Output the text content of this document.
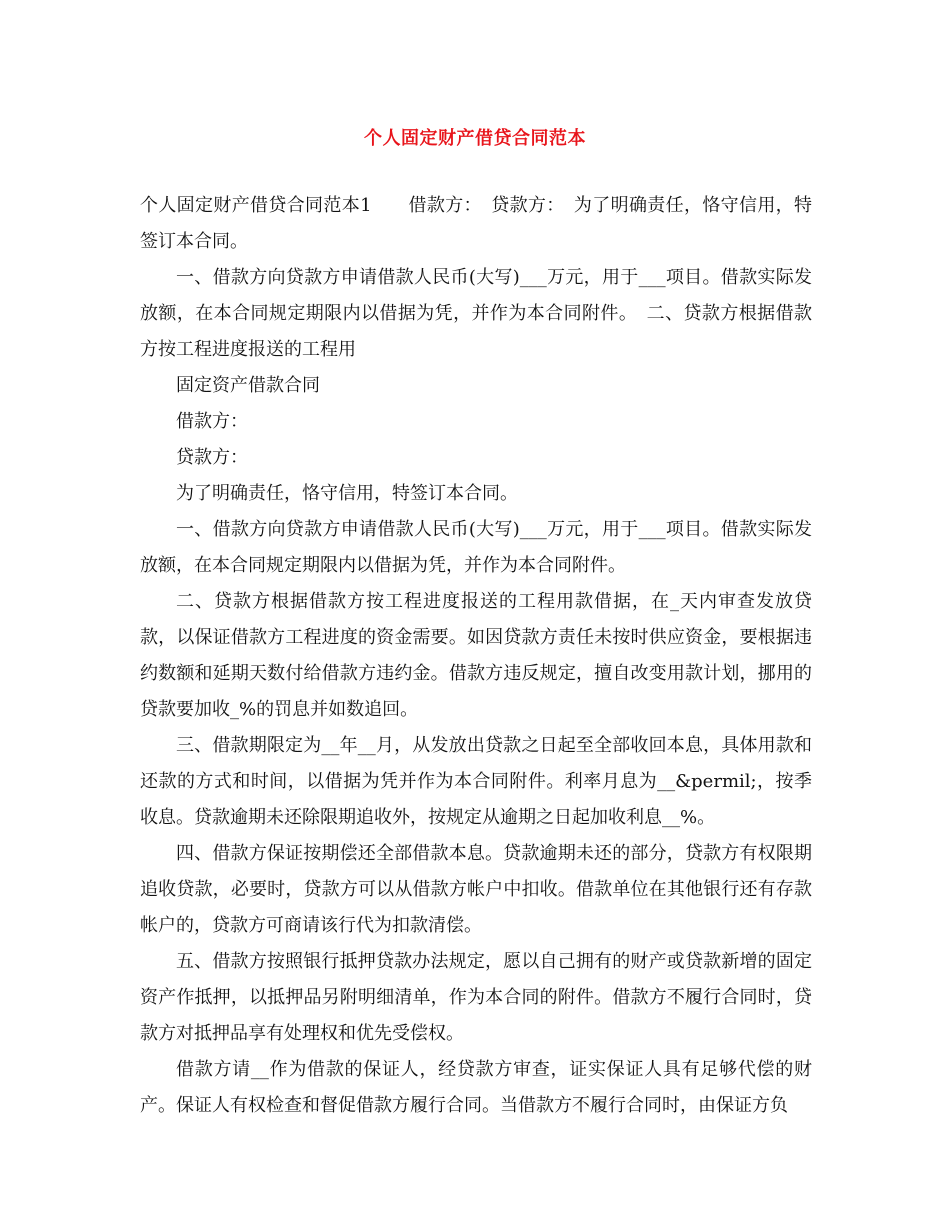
个人固定财产借贷合同范本

个人固定财产借贷合同范本1　　借款方：　贷款方：　为了明确责任，恪守信用，特签订本合同。

一、借款方向贷款方申请借款人民币(大写)___万元，用于___项目。借款实际发放额，在本合同规定期限内以借据为凭，并作为本合同附件。　二、贷款方根据借款方按工程进度报送的工程用

固定资产借款合同

借款方：

贷款方：

为了明确责任，恪守信用，特签订本合同。

一、借款方向贷款方申请借款人民币(大写)___万元，用于___项目。借款实际发放额，在本合同规定期限内以借据为凭，并作为本合同附件。

二、贷款方根据借款方按工程进度报送的工程用款借据，在_天内审查发放贷款，以保证借款方工程进度的资金需要。如因贷款方责任未按时供应资金，要根据违约数额和延期天数付给借款方违约金。借款方违反规定，擅自改变用款计划，挪用的贷款要加收_%的罚息并如数追回。

三、借款期限定为__年__月，从发放出贷款之日起至全部收回本息，具体用款和还款的方式和时间，以借据为凭并作为本合同附件。利率月息为__&permil;，按季收息。贷款逾期未还除限期追收外，按规定从逾期之日起加收利息__%。

四、借款方保证按期偿还全部借款本息。贷款逾期未还的部分，贷款方有权限期追收贷款，必要时，贷款方可以从借款方帐户中扣收。借款单位在其他银行还有存款帐户的，贷款方可商请该行代为扣款清偿。

五、借款方按照银行抵押贷款办法规定，愿以自己拥有的财产或贷款新增的固定资产作抵押，以抵押品另附明细清单，作为本合同的附件。借款方不履行合同时，贷款方对抵押品享有处理权和优先受偿权。

借款方请__作为借款的保证人，经贷款方审查，证实保证人具有足够代偿的财产。保证人有权检查和督促借款方履行合同。当借款方不履行合同时，由保证方负
